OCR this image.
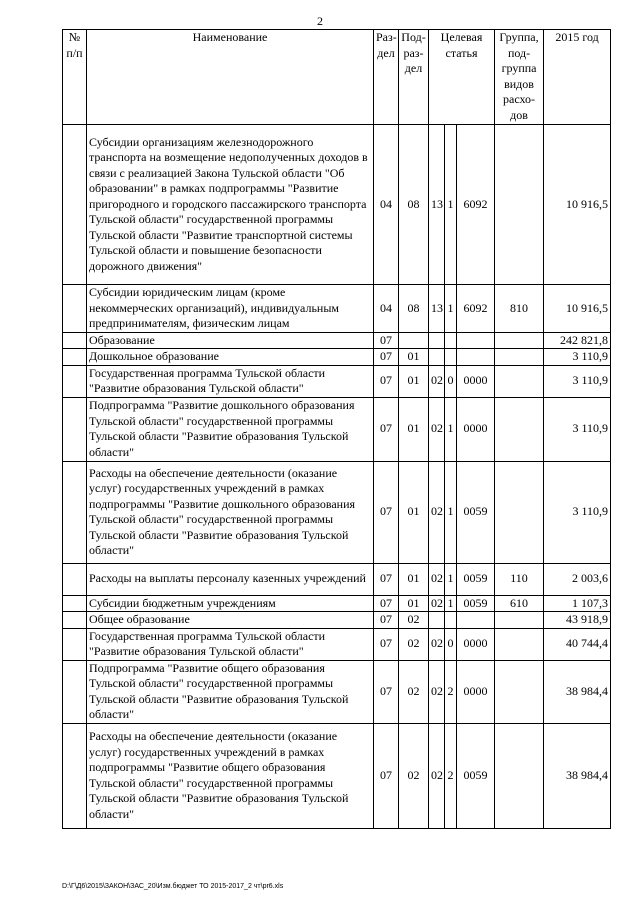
2
№ п/п	Наименование	Раз-дел	Под-раз-дел	Целевая статья			Группа, под-группа видов расхо-дов	2015 год
	Субсидии организациям железнодорожного транспорта на возмещение недополученных доходов в связи с реализацией Закона Тульской области "Об образовании" в рамках подпрограммы "Развитие пригородного и городского пассажирского транспорта Тульской области" государственной программы Тульской области "Развитие транспортной системы Тульской области и повышение безопасности дорожного движения"	04	08	13	1	6092		10 916,5
	Субсидии юридическим лицам (кроме некоммерческих организаций), индивидуальным предпринимателям, физическим лицам	04	08	13	1	6092	810	10 916,5
	Образование	07						242 821,8
	Дошкольное образование	07	01					3 110,9
	Государственная программа Тульской области "Развитие образования Тульской области"	07	01	02	0	0000		3 110,9
	Подпрограмма "Развитие дошкольного образования Тульской области" государственной программы Тульской области "Развитие образования Тульской области"	07	01	02	1	0000		3 110,9
	Расходы на обеспечение деятельности (оказание услуг) государственных учреждений в рамках подпрограммы "Развитие дошкольного образования Тульской области" государственной программы Тульской области "Развитие образования Тульской области"	07	01	02	1	0059		3 110,9
	Расходы на выплаты персоналу казенных учреждений	07	01	02	1	0059	110	2 003,6
	Субсидии бюджетным учреждениям	07	01	02	1	0059	610	1 107,3
	Общее образование	07	02					43 918,9
	Государственная программа Тульской области "Развитие образования Тульской области"	07	02	02	0	0000		40 744,4
	Подпрограмма "Развитие общего образования Тульской области" государственной программы Тульской области "Развитие образования Тульской области"	07	02	02	2	0000		38 984,4
	Расходы на обеспечение деятельности (оказание услуг) государственных учреждений в рамках подпрограммы "Развитие общего образования Тульской области" государственной программы Тульской области "Развитие образования Тульской области"	07	02	02	2	0059		38 984,4
D:\Г\Д6\2015\ЗАКОН\ЗАС_20\Изм.бюджет ТО 2015-2017_2 чт\pr6.xls
